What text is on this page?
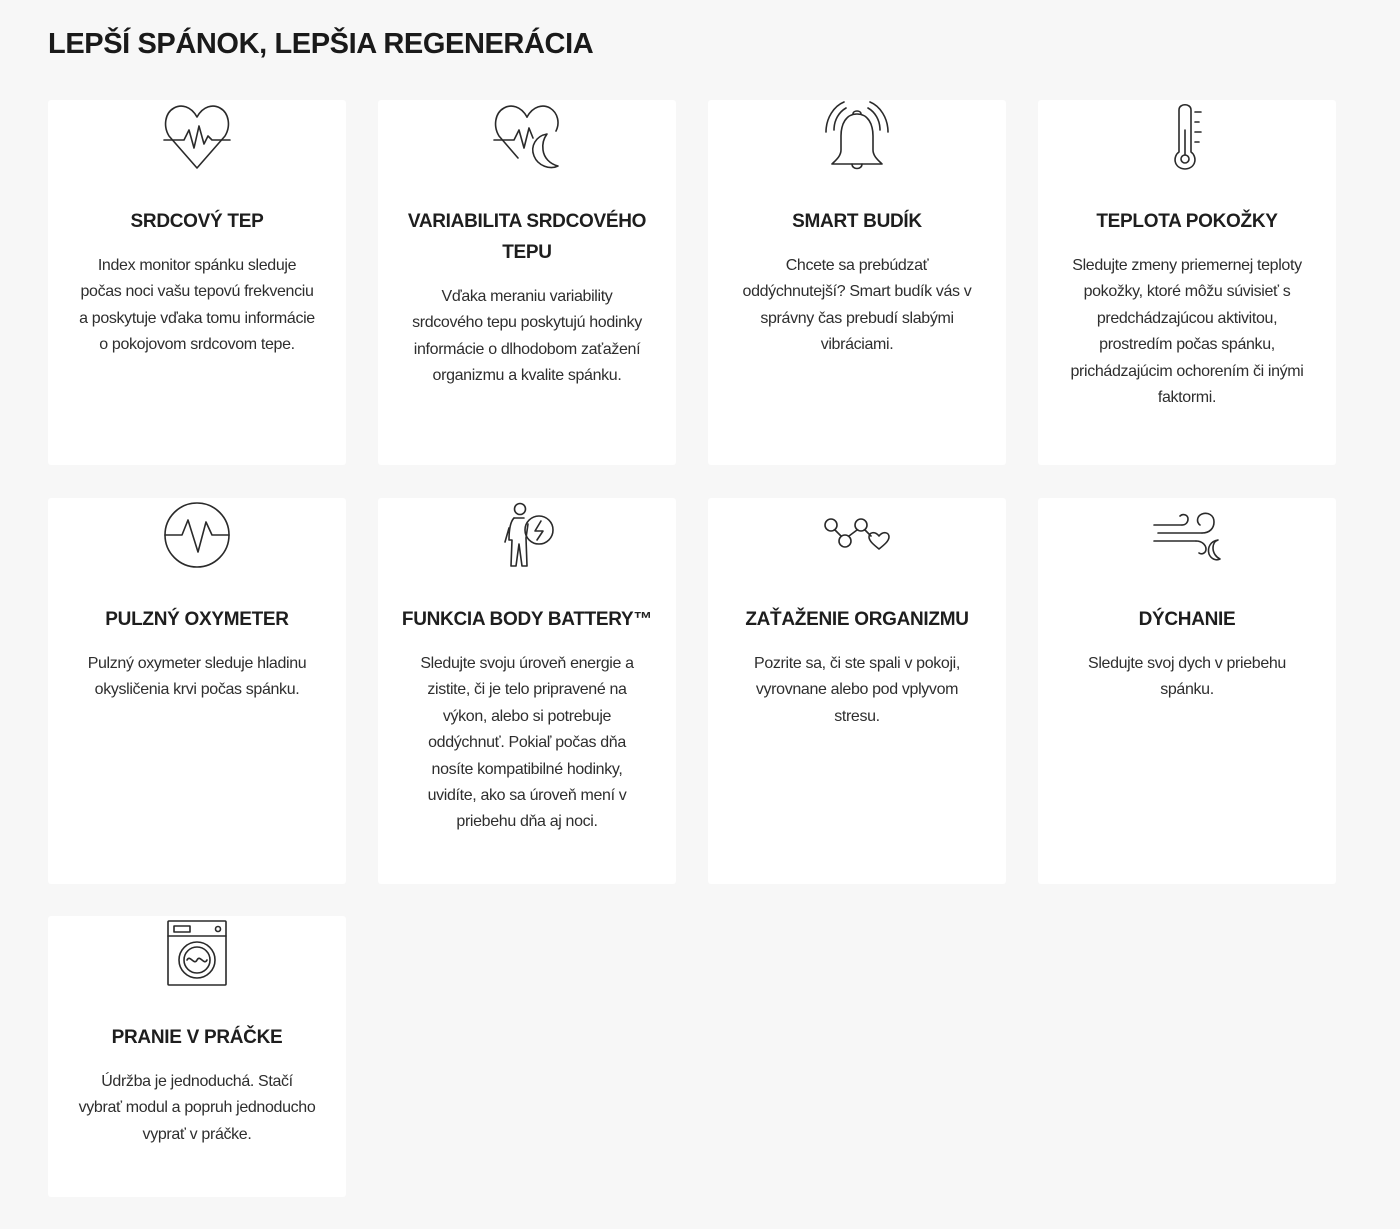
LEPŠÍ SPÁNOK, LEPŠIA REGENERÁCIA
SRDCOVÝ TEP

Index monitor spánku sleduje počas noci vašu tepovú frekvenciu a poskytuje vďaka tomu informácie o pokojovom srdcovom tepe.

VARIABILITA SRDCOVÉHO TEPU

Vďaka meraniu variability srdcového tepu poskytujú hodinky informácie o dlhodobom zaťažení organizmu a kvalite spánku.

SMART BUDÍK

Chcete sa prebúdzať oddýchnutejší? Smart budík vás v správny čas prebudí slabými vibráciami.

TEPLOTA POKOŽKY

Sledujte zmeny priemernej teploty pokožky, ktoré môžu súvisieť s predchádzajúcou aktivitou, prostredím počas spánku, prichádzajúcim ochorením či inými faktormi.

PULZNÝ OXYMETER

Pulzný oxymeter sleduje hladinu okysličenia krvi počas spánku.

FUNKCIA BODY BATTERY™

Sledujte svoju úroveň energie a zistite, či je telo pripravené na výkon, alebo si potrebuje oddýchnuť. Pokiaľ počas dňa nosíte kompatibilné hodinky, uvidíte, ako sa úroveň mení v priebehu dňa aj noci.

ZAŤAŽENIE ORGANIZMU

Pozrite sa, či ste spali v pokoji, vyrovnane alebo pod vplyvom stresu.

DÝCHANIE

Sledujte svoj dych v priebehu spánku.

PRANIE V PRÁČKE

Údržba je jednoduchá. Stačí vybrať modul a popruh jednoducho vyprať v práčke.
